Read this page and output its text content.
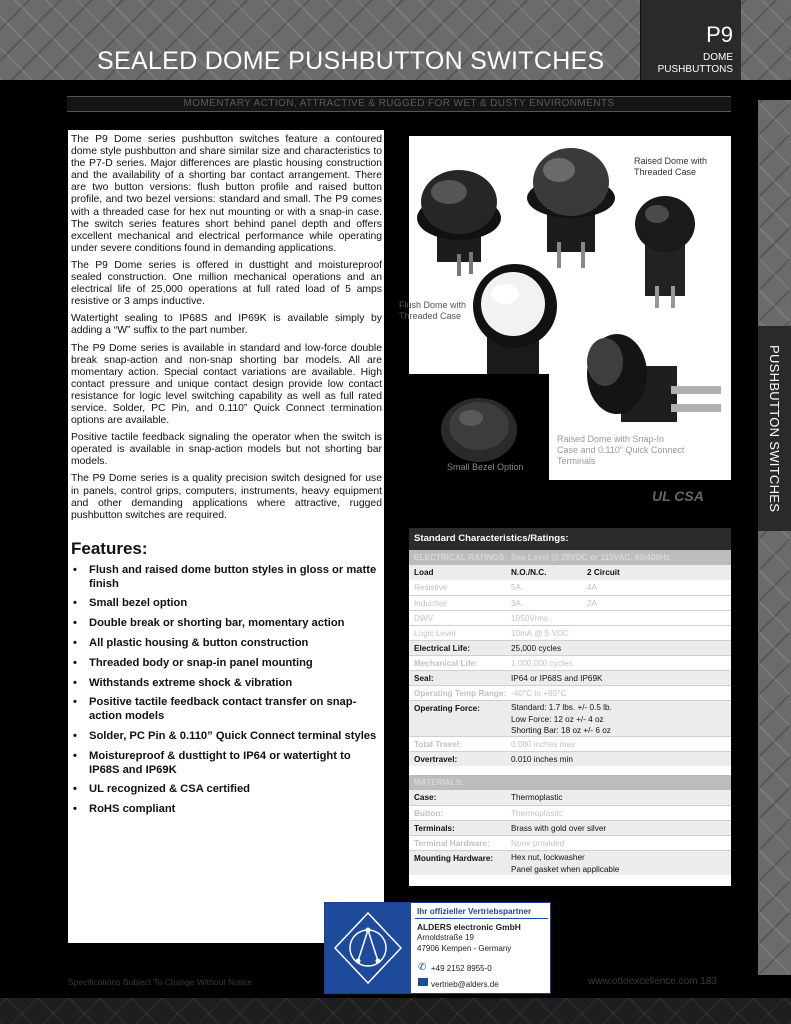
SEALED DOME PUSHBUTTON SWITCHES
P9
DOME
PUSHBUTTONS
MOMENTARY ACTION, ATTRACTIVE & RUGGED FOR WET & DUSTY ENVIRONMENTS
PUSHBUTTON SWITCHES

The P9 Dome series pushbutton switches feature a contoured dome style pushbutton and share similar size and characteristics to the P7-D series. Major differences are plastic housing construction and the availability of a shorting bar contact arrangement. There are two button versions: flush button profile and raised button profile, and two bezel versions: standard and small. The P9 comes with a threaded case for hex nut mounting or with a snap-in case. The switch series features short behind panel depth and offers excellent mechanical and electrical performance while operating under severe conditions found in demanding applications.

The P9 Dome series is offered in dusttight and moistureproof sealed construction. One million mechanical operations and an electrical life of 25,000 operations at full rated load of 5 amps resistive or 3 amps inductive.

Watertight sealing to IP68S and IP69K is available simply by adding a “W” suffix to the part number.

The P9 Dome series is available in standard and low-force double break snap-action and non-snap shorting bar models. All are momentary action. Special contact variations are available. High contact pressure and unique contact design provide low contact resistance for logic level switching capability as well as full rated service. Solder, PC Pin, and 0.110” Quick Connect termination options are available.

Positive tactile feedback signaling the operator when the switch is operated is available in snap-action models but not shorting bar models.

The P9 Dome series is a quality precision switch designed for use in panels, control grips, computers, instruments, heavy equipment and other demanding applications where attractive, rugged pushbutton switches are required.

Features:
• Flush and raised dome button styles in gloss or matte finish
• Small bezel option
• Double break or shorting bar, momentary action
• All plastic housing & button construction
• Threaded body or snap-in panel mounting
• Withstands extreme shock & vibration
• Positive tactile feedback contact transfer on snap-action models
• Solder, PC Pin & 0.110” Quick Connect terminal styles
• Moistureproof & dusttight to IP64 or watertight to IP68S and IP69K
• UL recognized & CSA certified
• RoHS compliant
Raised Dome with
Threaded Case
Flush Dome with
Threaded Case
Raised Dome with Snap-In
Case and 0.110” Quick Connect
Terminals
Small Bezel Option
UL CSA
Standard Characteristics/Ratings:
ELECTRICAL RATINGS: Sea Level @ 28VDC or 115VAC, 60/400Hz
Load	N.O./N.C.	2 Circuit
Resistive	5A	4A
Inductive	3A	2A
DWV	1050Vrms
Logic Level	10mA @ 5 VDC
Electrical Life:	25,000 cycles
Mechanical Life:	1,000,000 cycles
Seal:	IP64 or IP68S and IP69K
Operating Temp Range: -40°C to +85°C
Operating Force:	Standard: 1.7 lbs. +/- 0.5 lb.
Low Force: 12 oz +/- 4 oz
Shorting Bar: 18 oz +/- 6 oz
Total Travel:	0.080 inches max
Overtravel:	0.010 inches min
MATERIALS:
Case:	Thermoplastic
Button:	Thermoplastic
Terminals:	Brass with gold over silver
Terminal Hardware:	None provided
Mounting Hardware: Hex nut, lockwasher
Panel gasket when applicable
Ihr offizieller Vertriebspartner
ALDERS electronic GmbH
Arnoldstraße 19
47906 Kempen - Germany
✆ +49 2152 8955-0
vertrieb@alders.de
Specifications Subject To Change Without Notice	www.ottoexcellence.com 183
